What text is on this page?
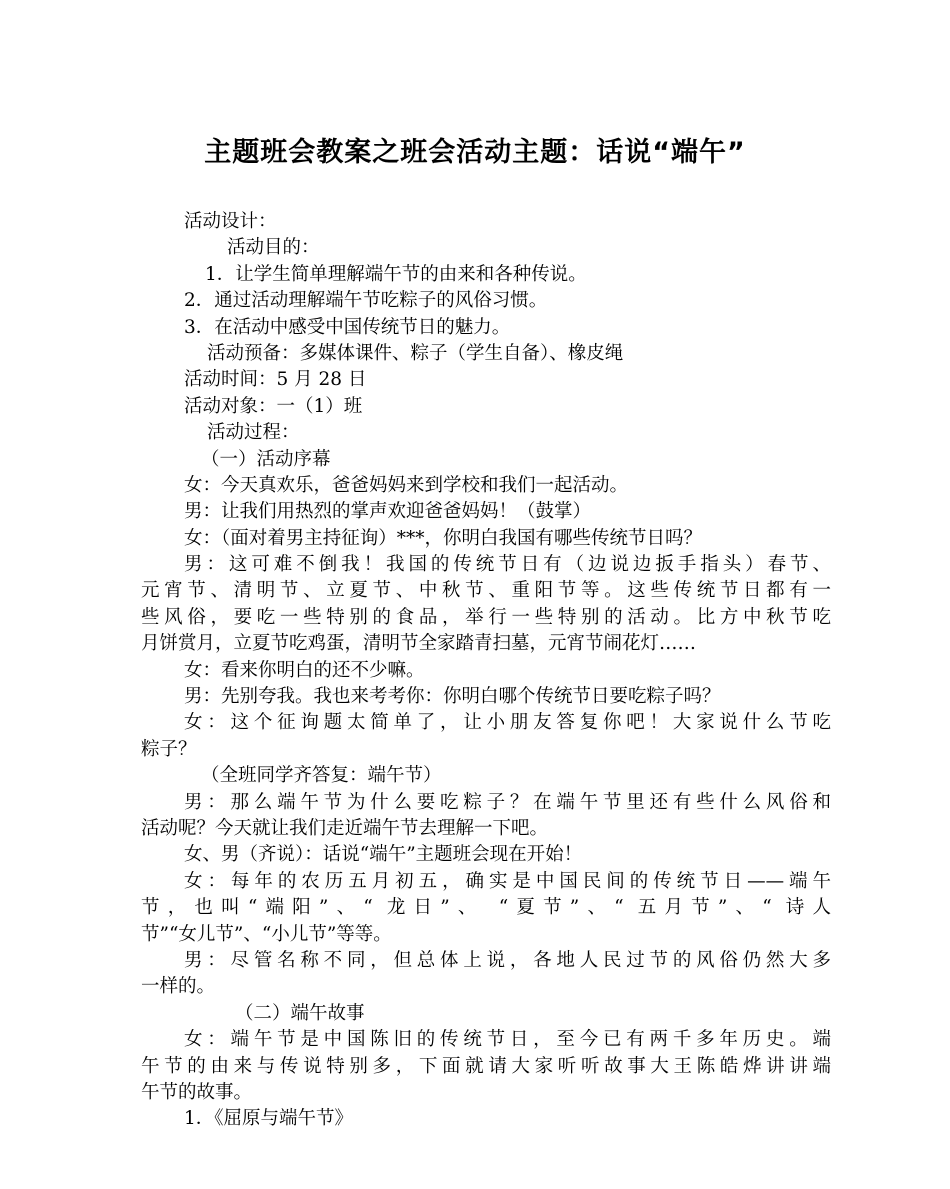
主题班会教案之班会活动主题：话说“端午”
活动设计：
活动目的：
1．让学生简单理解端午节的由来和各种传说。
2．通过活动理解端午节吃粽子的风俗习惯。
3．在活动中感受中国传统节日的魅力。
活动预备：多媒体课件、粽子（学生自备）、橡皮绳
活动时间：5 月 28 日
活动对象：一（1）班
活动过程：
（一）活动序幕
女：今天真欢乐，爸爸妈妈来到学校和我们一起活动。
男：让我们用热烈的掌声欢迎爸爸妈妈！（鼓掌）
女：（面对着男主持征询）***，你明白我国有哪些传统节日吗？
男：这可难不倒我！我国的传统节日有（边说边扳手指头）春节、
元宵节、清明节、立夏节、中秋节、重阳节等。这些传统节日都有一
些风俗，要吃一些特别的食品，举行一些特别的活动。比方中秋节吃
月饼赏月，立夏节吃鸡蛋，清明节全家踏青扫墓，元宵节闹花灯……
女：看来你明白的还不少嘛。
男：先别夸我。我也来考考你：你明白哪个传统节日要吃粽子吗？
女：这个征询题太简单了，让小朋友答复你吧！大家说什么节吃
粽子？
（全班同学齐答复：端午节）
男：那么端午节为什么要吃粽子？在端午节里还有些什么风俗和
活动呢？今天就让我们走近端午节去理解一下吧。
女、男（齐说）：话说“端午”主题班会现在开始！
女：每年的农历五月初五，确实是中国民间的传统节日——端午
节，也叫“端阳”、“ 龙日”、 “夏节”、“ 五月节”、“ 诗人
节”“女儿节”、“小儿节”等等。
男：尽管名称不同，但总体上说，各地人民过节的风俗仍然大多
一样的。
（二）端午故事
女：端午节是中国陈旧的传统节日，至今已有两千多年历史。端
午节的由来与传说特别多，下面就请大家听听故事大王陈皓烨讲讲端
午节的故事。
1．《屈原与端午节》
